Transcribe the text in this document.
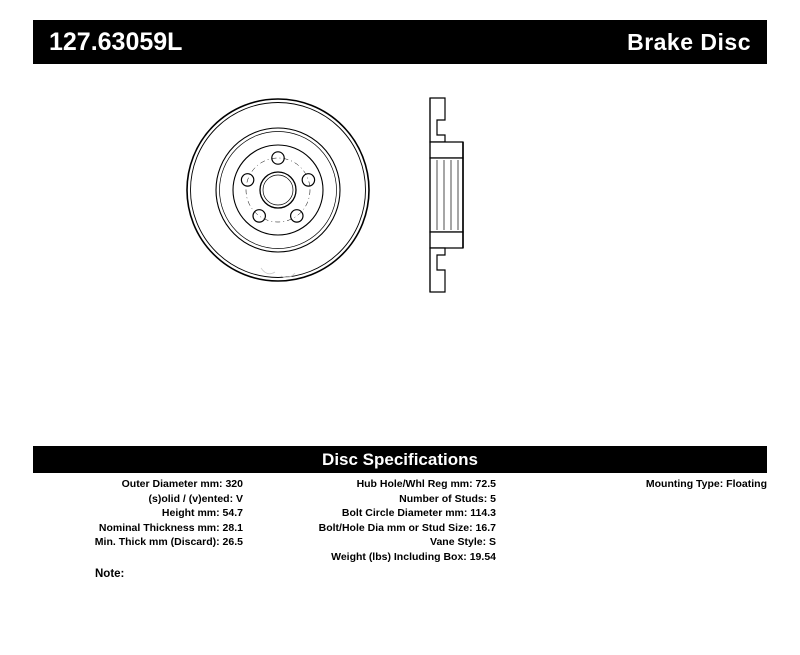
127.63059L	Brake Disc
Disc Specifications
Outer Diameter mm: 320
(s)olid / (v)ented: V
Height mm: 54.7
Nominal Thickness mm: 28.1
Min. Thick mm (Discard): 26.5
Hub Hole/Whl Reg mm: 72.5
Number of Studs: 5
Bolt Circle Diameter mm: 114.3
Bolt/Hole Dia mm or Stud Size: 16.7
Vane Style: S
Weight (lbs) Including Box: 19.54
Mounting Type: Floating
Note:
